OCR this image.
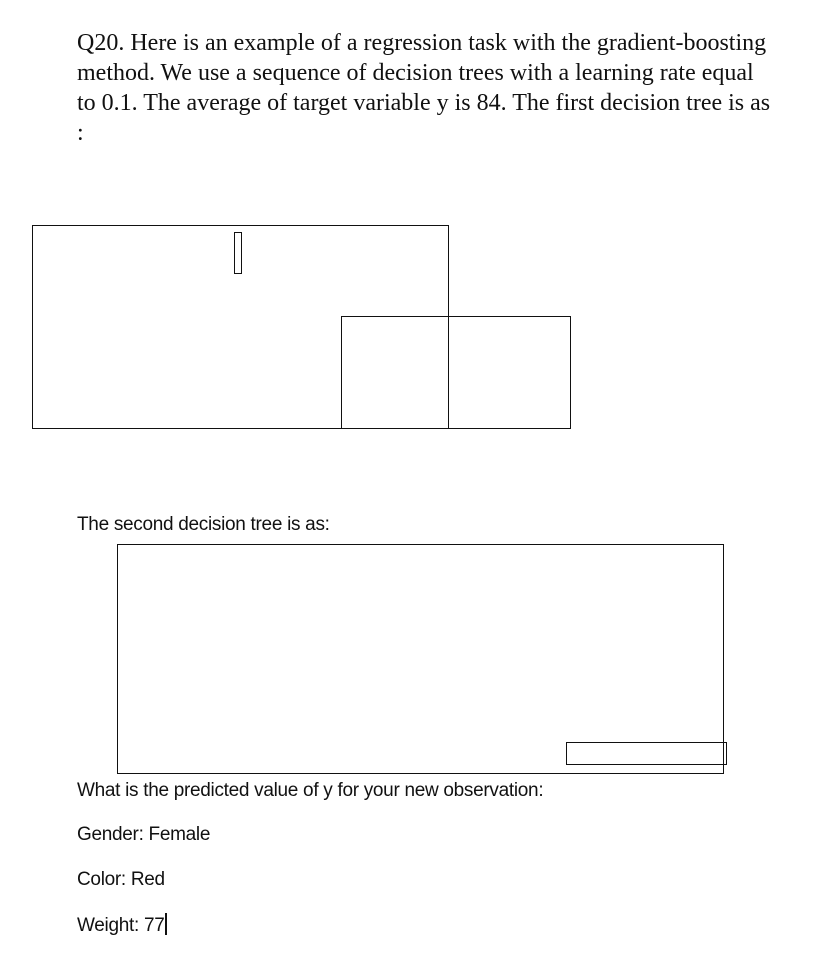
Q20. Here is an example of a regression task with the gradient-boosting method. We use a sequence of decision trees with a learning rate equal to 0.1. The average of target variable y is 84. The first decision tree is as :

The second decision tree is as:

What is the predicted value of y for your new observation:

Gender: Female

Color: Red

Weight: 77
